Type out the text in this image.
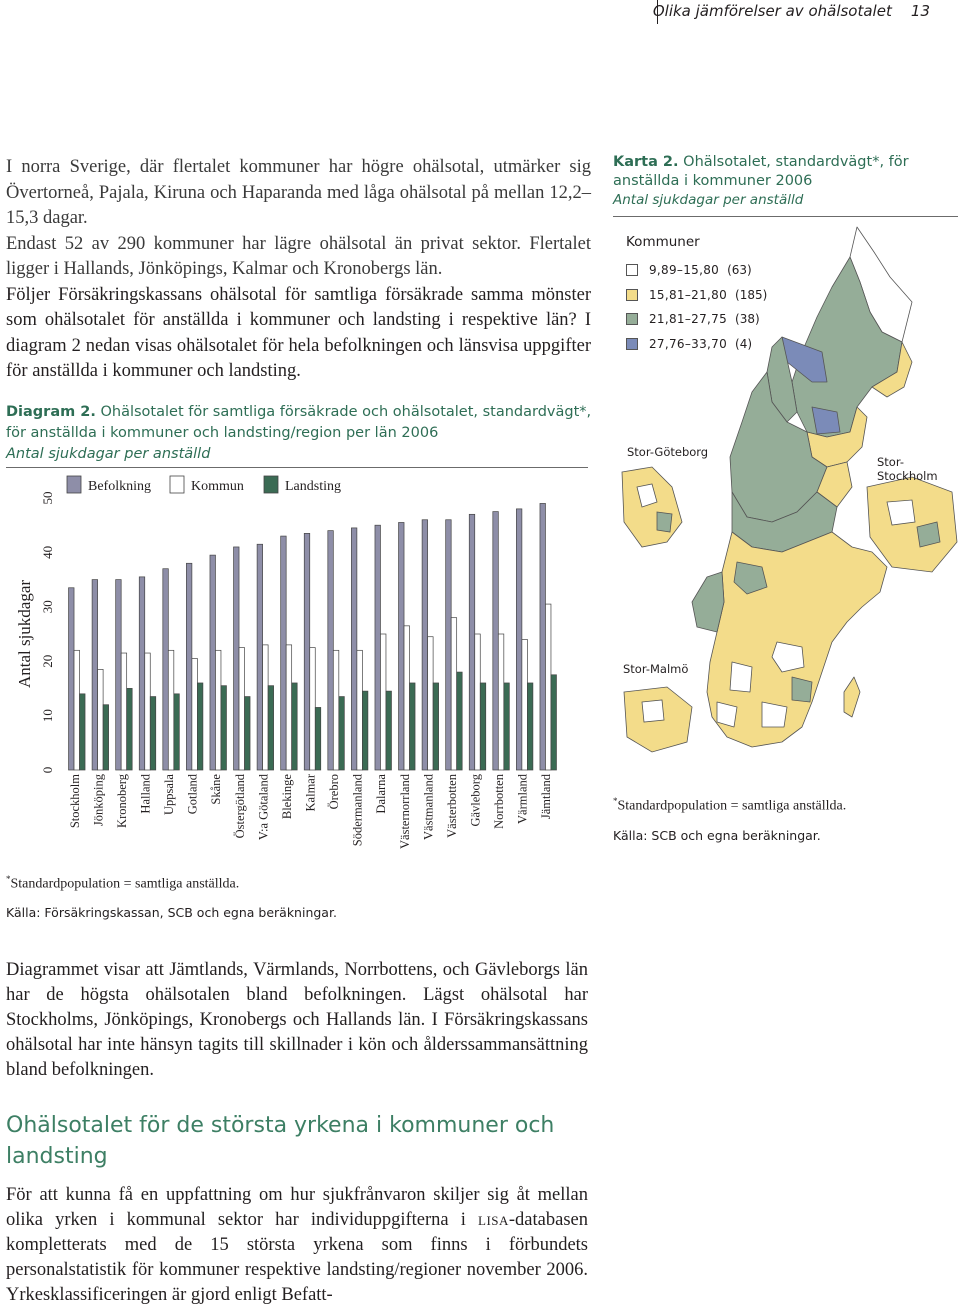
Olika jämförelser av ohälsotalet 13

I norra Sverige, där flertalet kommuner har högre ohälsotal, utmärker sig Övertorneå, Pajala, Kiruna och Haparanda med låga ohälsotal på mellan 12,2–15,3 dagar.

Endast 52 av 290 kommuner har lägre ohälsotal än privat sektor. Flertalet ligger i Hallands, Jönköpings, Kalmar och Kronobergs län.

Följer Försäkringskassans ohälsotal för samtliga försäkrade samma mönster som ohälsotalet för anställda i kommuner och landsting i respektive län? I diagram 2 nedan visas ohälsotalet för hela befolkningen och länsvisa uppgifter för anställda i kommuner och landsting.

Diagram 2. Ohälsotalet för samtliga försäkrade och ohälsotalet, standardvägt*, för anställda i kommuner och landsting/region per län 2006
Antal sjukdagar per anställd
0
10
20
30
40
50
Antal sjukdagar
Stockholm Jönköping Kronoberg Halland Uppsala Gotland Skåne Östergötland V:a Götaland Blekinge Kalmar Örebro Södermanland Dalarna Västernorrland Västmanland Västerbotten Gävleborg Norrbotten Värmland Jämtland
Befolkning	Kommun	Landsting
*Standardpopulation = samtliga anställda.
Källa: Försäkringskassan, SCB och egna beräkningar.
Karta 2. Ohälsotalet, standardvägt*, för anställda i kommuner 2006
Antal sjukdagar per anställd
Kommuner
9,89–15,80 (63)
15,81–21,80 (185)
21,81–27,75 (38)
27,76–33,70 (4)
Stor-Göteborg
Stor-Stockholm
Stor-Malmö
*Standardpopulation = samtliga anställda.
Källa: SCB och egna beräkningar.
Diagrammet visar att Jämtlands, Värmlands, Norrbottens, och Gävleborgs län har de högsta ohälsotalen bland befolkningen. Lägst ohälsotal har Stockholms, Jönköpings, Kronobergs och Hallands län. I Försäkringskassans ohälsotal har inte hänsyn tagits till skillnader i kön och ålderssammansättning bland befolkningen.
Ohälsotalet för de största yrkena i kommuner och landsting
För att kunna få en uppfattning om hur sjukfrånvaron skiljer sig åt mellan olika yrken i kommunal sektor har individuppgifterna i lisa-databasen kompletterats med de 15 största yrkena som finns i förbundets personalstatistik för kommuner respektive landsting/regioner november 2006. Yrkesklassificeringen är gjord enligt Befatt-
